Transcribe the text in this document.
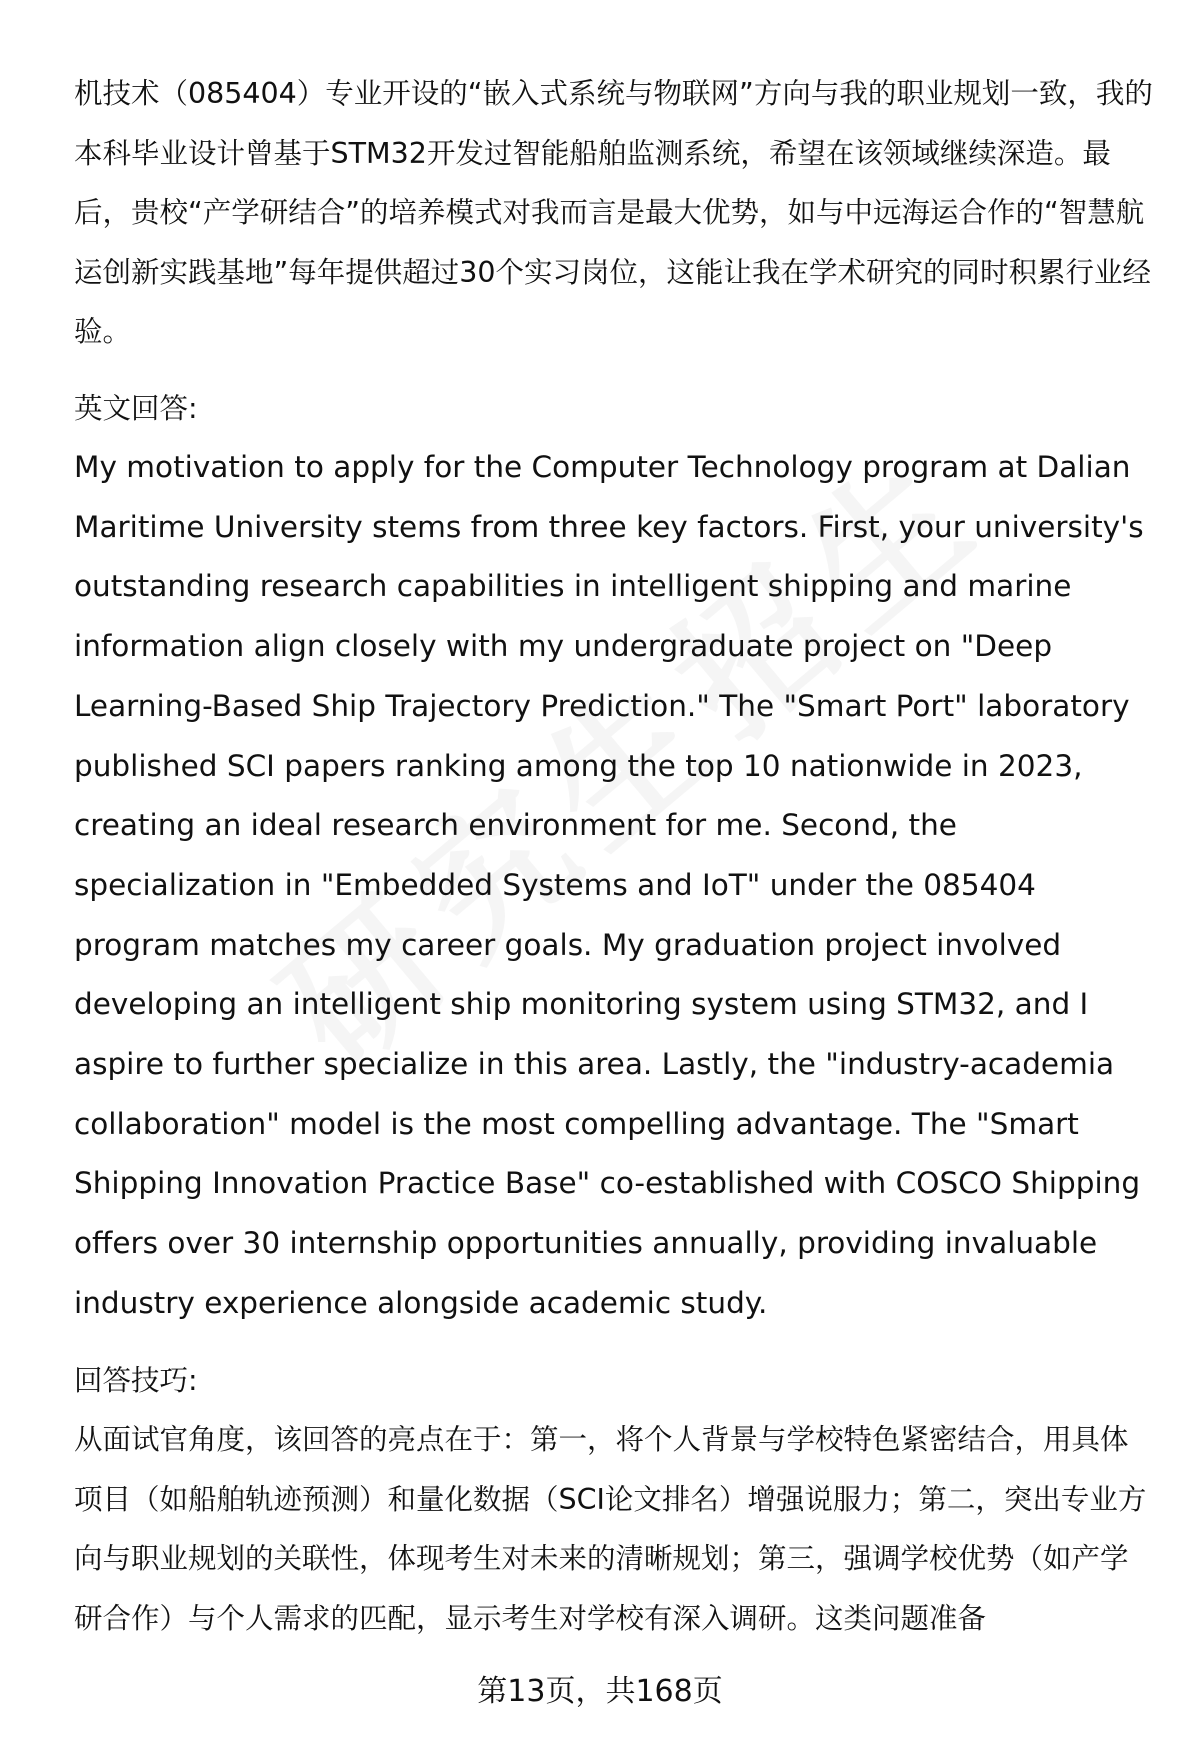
机技术（085404）专业开设的“嵌入式系统与物联网”方向与我的职业规划一致，我的本科毕业设计曾基于STM32开发过智能船舶监测系统，希望在该领域继续深造。最后，贵校“产学研结合”的培养模式对我而言是最大优势，如与中远海运合作的“智慧航运创新实践基地”每年提供超过30个实习岗位，这能让我在学术研究的同时积累行业经验。

英文回答:

My motivation to apply for the Computer Technology program at Dalian Maritime University stems from three key factors. First, your university's outstanding research capabilities in intelligent shipping and marine information align closely with my undergraduate project on "Deep Learning-Based Ship Trajectory Prediction." The "Smart Port" laboratory published SCI papers ranking among the top 10 nationwide in 2023, creating an ideal research environment for me. Second, the specialization in "Embedded Systems and IoT" under the 085404 program matches my career goals. My graduation project involved developing an intelligent ship monitoring system using STM32, and I aspire to further specialize in this area. Lastly, the "industry-academia collaboration" model is the most compelling advantage. The "Smart Shipping Innovation Practice Base" co-established with COSCO Shipping offers over 30 internship opportunities annually, providing invaluable industry experience alongside academic study.

回答技巧:

从面试官角度，该回答的亮点在于：第一，将个人背景与学校特色紧密结合，用具体项目（如船舶轨迹预测）和量化数据（SCI论文排名）增强说服力；第二，突出专业方向与职业规划的关联性，体现考生对未来的清晰规划；第三，强调学校优势（如产学研合作）与个人需求的匹配，显示考生对学校有深入调研。这类问题准备

第13页，共168页
